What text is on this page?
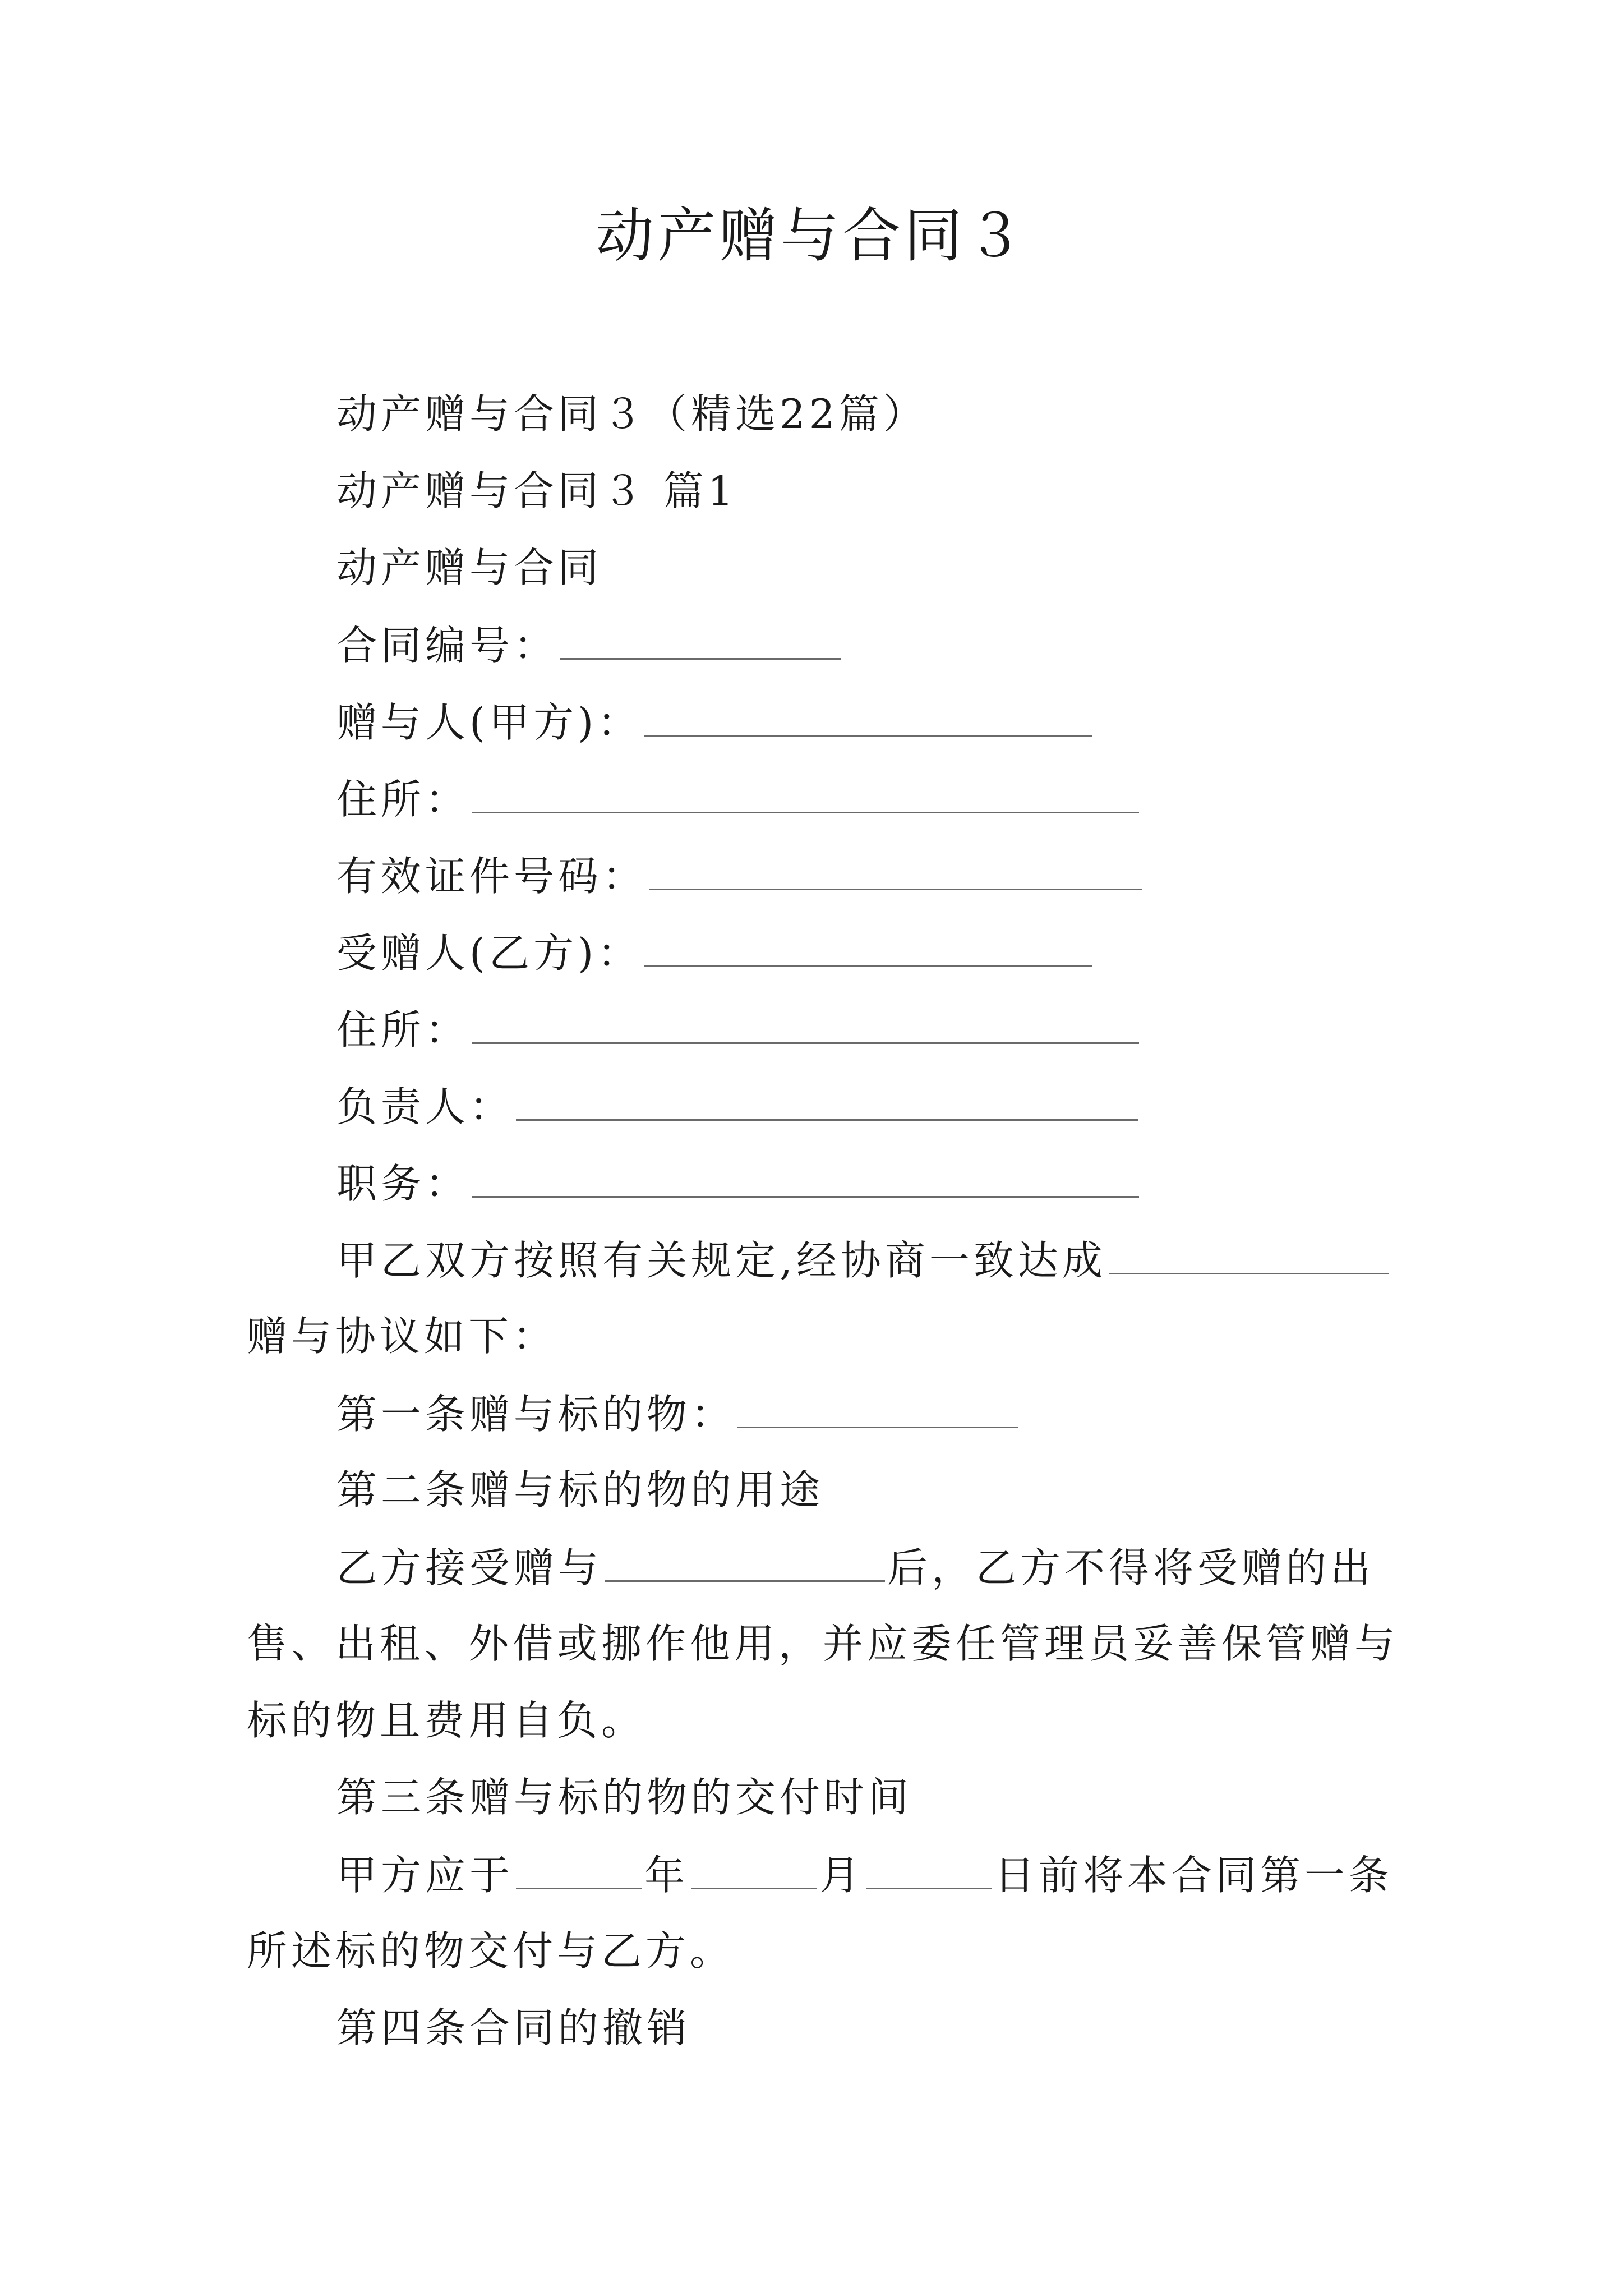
动产赠与合同３
动产赠与合同３（精选22篇）
动产赠与合同３ 篇1
动产赠与合同
合同编号：
赠与人(甲方)：
住所：
有效证件号码：
受赠人(乙方)：
住所：
负责人：
职务：
甲乙双方按照有关规定,经协商一致达成
赠与协议如下：
第一条赠与标的物：
第二条赠与标的物的用途
乙方接受赠与	后，乙方不得将受赠的出
售、出租、外借或挪作他用，并应委任管理员妥善保管赠与
标的物且费用自负。
第三条赠与标的物的交付时间
甲方应于	年	月	日前将本合同第一条
所述标的物交付与乙方。
第四条合同的撤销
